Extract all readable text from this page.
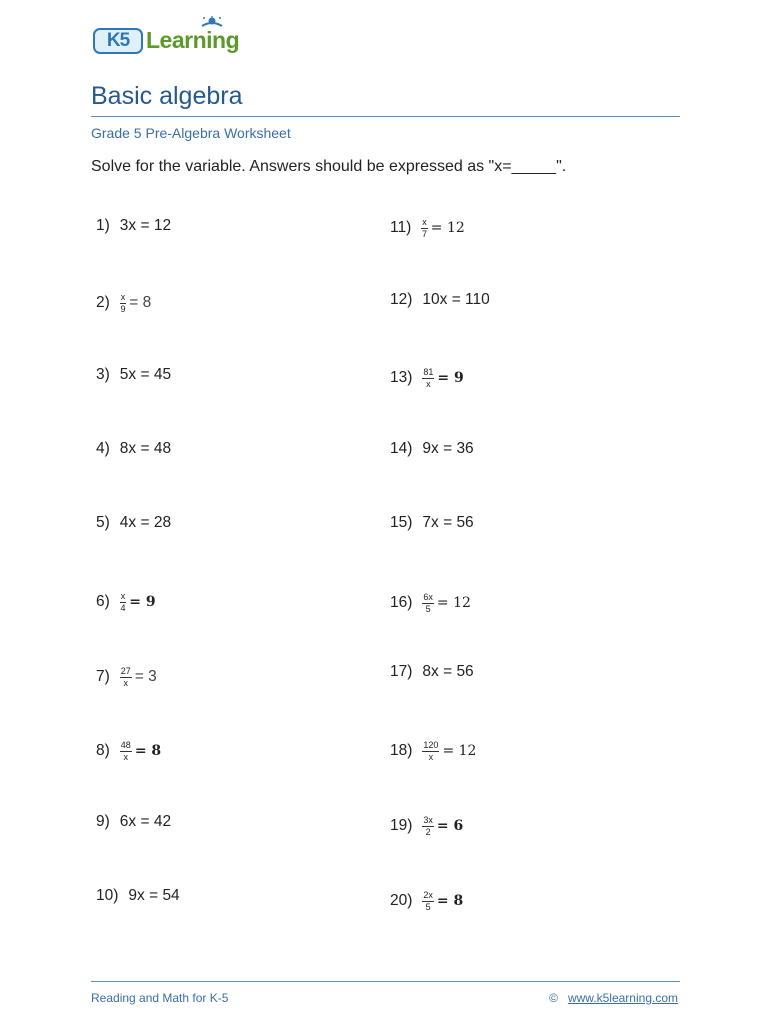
K5 Learning
Basic algebra
Grade 5 Pre-Algebra Worksheet
Solve for the variable. Answers should be expressed as "x=_____".
1) 3x = 12
$2) \frac{x}{9} = 8$
3) 5x = 45
4) 8x = 48
5) 4x = 28
$6) \frac{x}{4} = 9$
$7) \frac{27}{x} = 3$
$8) \frac{48}{x} = 8$
9) 6x = 42
10) 9x = 54
$11) \frac{x}{7} = 12$
12) 10x = 110
$13) \frac{81}{x} = 9$
14) 9x = 36
15) 7x = 56
$16) \frac{6x}{5} = 12$
17) 8x = 56
$18) \frac{120}{x} = 12$
$19) \frac{3x}{2} = 6$
$20) \frac{2x}{5} = 8$
Reading and Math for K-5	© www.k5learning.com
